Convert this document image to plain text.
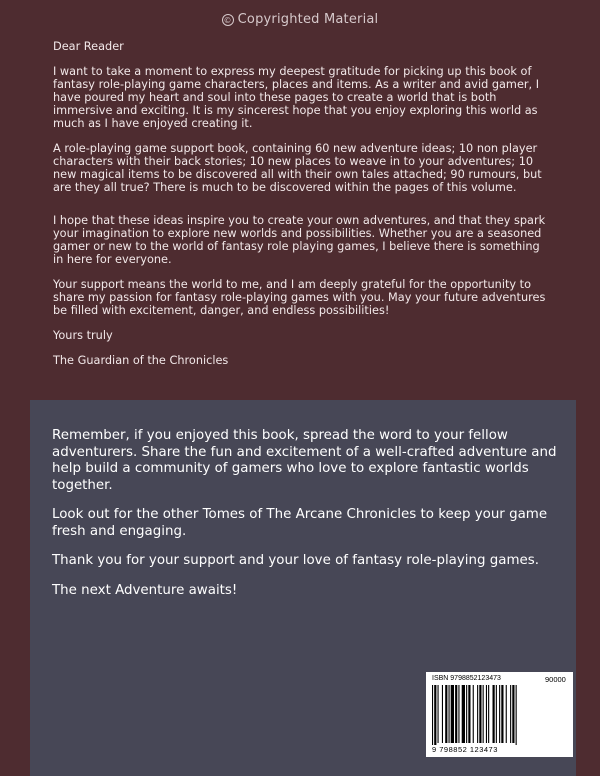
© Copyrighted Material

Dear Reader

I want to take a moment to express my deepest gratitude for picking up this book of fantasy role-playing game characters, places and items. As a writer and avid gamer, I have poured my heart and soul into these pages to create a world that is both immersive and exciting. It is my sincerest hope that you enjoy exploring this world as much as I have enjoyed creating it.

A role-playing game support book, containing 60 new adventure ideas; 10 non player characters with their back stories; 10 new places to weave in to your adventures; 10 new magical items to be discovered all with their own tales attached; 90 rumours, but are they all true? There is much to be discovered within the pages of this volume.

I hope that these ideas inspire you to create your own adventures, and that they spark your imagination to explore new worlds and possibilities. Whether you are a seasoned gamer or new to the world of fantasy role playing games, I believe there is something in here for everyone.

Your support means the world to me, and I am deeply grateful for the opportunity to share my passion for fantasy role-playing games with you. May your future adventures be filled with excitement, danger, and endless possibilities!

Yours truly

The Guardian of the Chronicles

Remember, if you enjoyed this book, spread the word to your fellow adventurers. Share the fun and excitement of a well-crafted adventure and help build a community of gamers who love to explore fantastic worlds together.

Look out for the other Tomes of The Arcane Chronicles to keep your game fresh and engaging.

Thank you for your support and your love of fantasy role-playing games.

The next Adventure awaits!

ISBN 9798852123473	90000
9 798852 123473
